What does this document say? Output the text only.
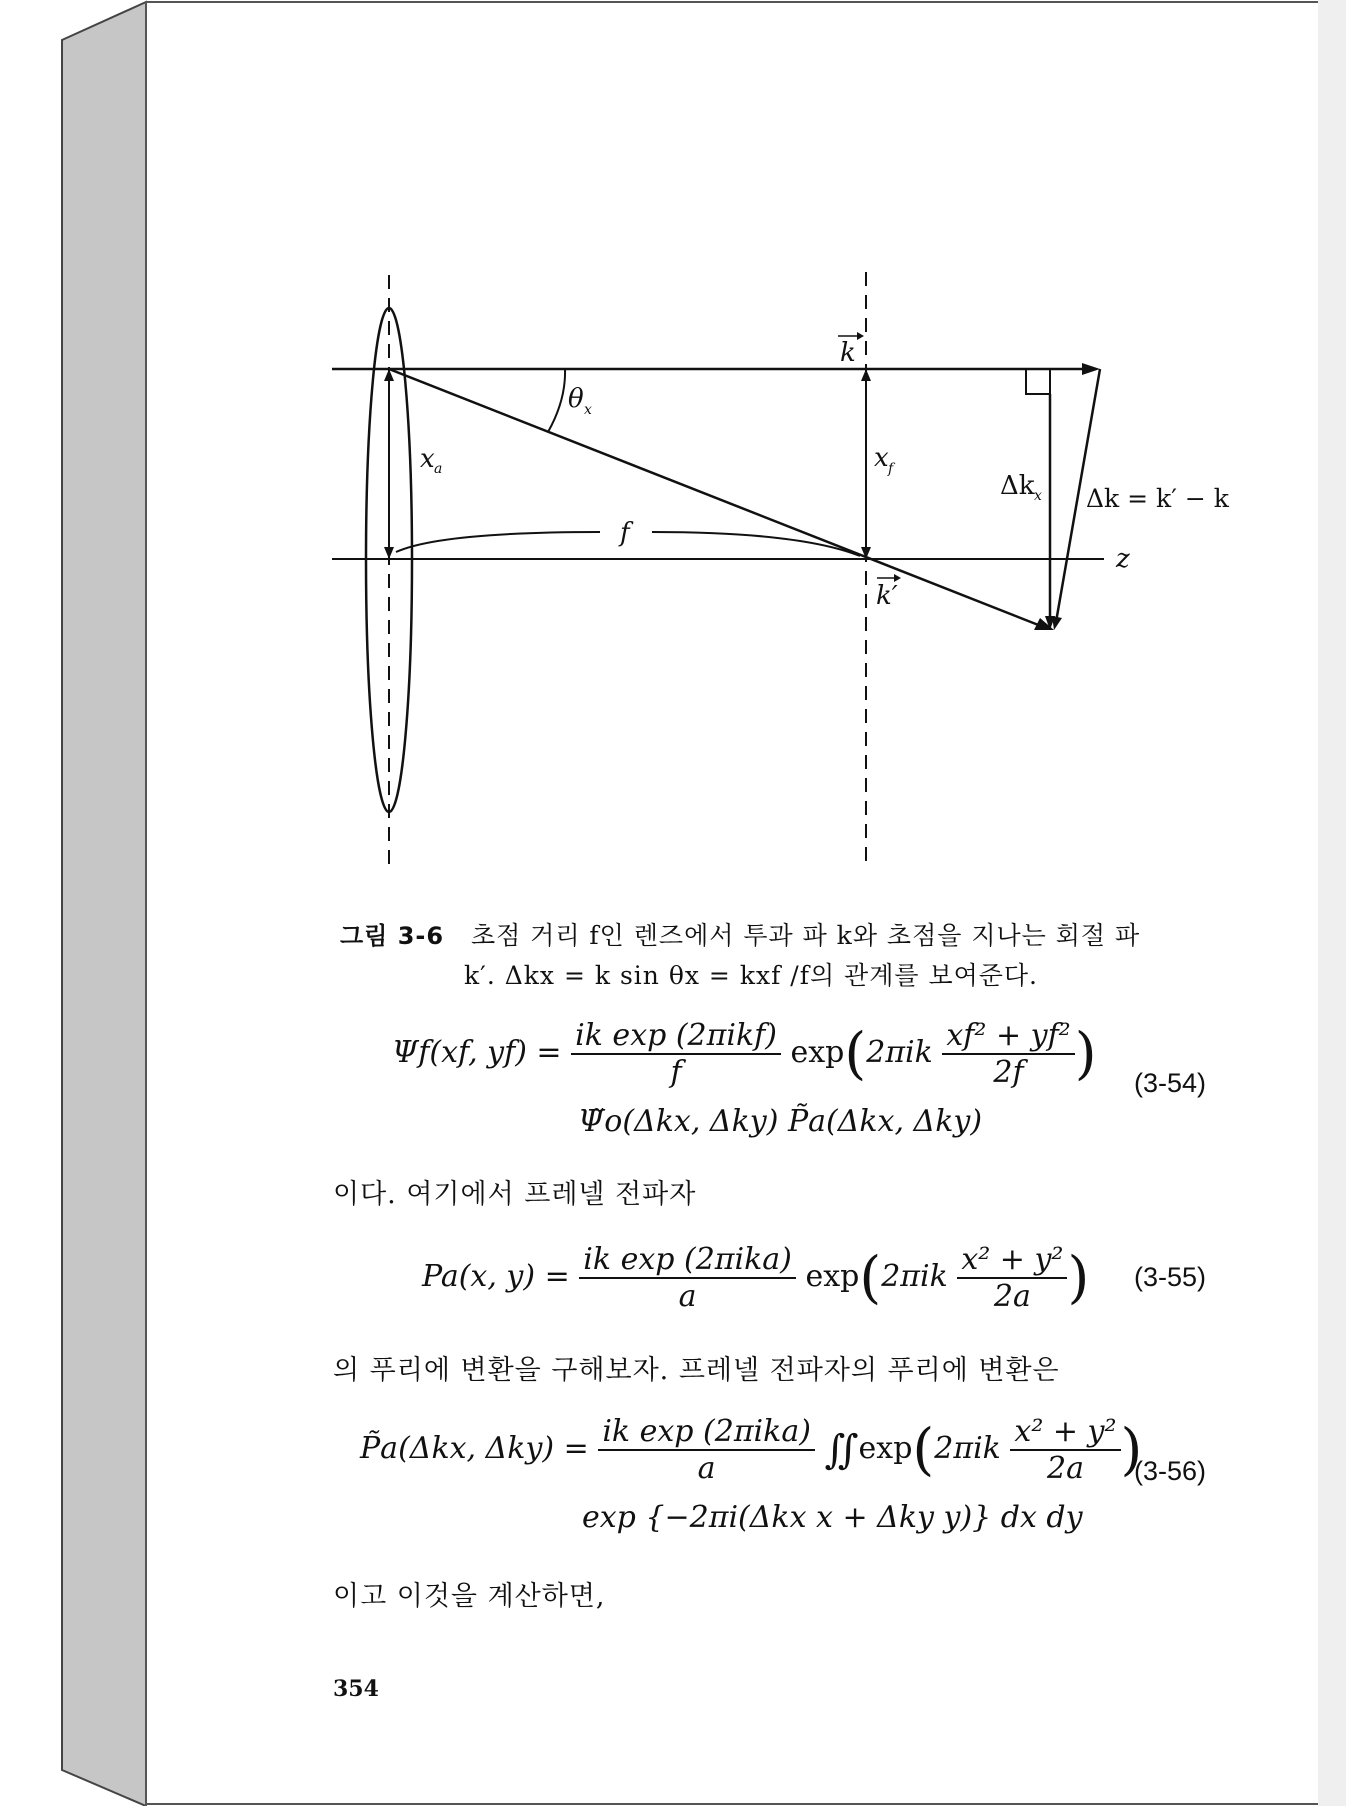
θ x
x a	x f
f
k
k′
Δk x Δk = k′ − k
z
그림 3-6 초점 거리 f인 렌즈에서 투과 파 k와 초점을 지나는 회절 파
k′. Δkx = k sin θx = kxf /f의 관계를 보여준다.
Ψf(xf, $yf) = \frac{\text{ik exp (2πikf)}}{f} \exp(2\pi ik \frac{\text{xf² + yf²}}{2f}$ )
Ψ̃o(Δkx, Δky) P̃a(Δkx, Δky)
(3-54)
이다. 여기에서 프레넬 전파자
Pa(x, $y) = \frac{\text{ik exp (2πika)}}{a} \exp(2\pi ik \frac{\text{x² + y²}}{2a}$ ) (3-55)
의 푸리에 변환을 구해보자. 프레넬 전파자의 푸리에 변환은
P̃a(Δkx, $\Delta ky) = \frac{\text{ik exp (2πika)}}{a}$ ∬exp(2πik $\frac{\text{x² + y²}}{2a}$ )
exp {−2πi(Δkx x + Δky y)} dx dy
(3-56)
이고 이것을 계산하면,
354
